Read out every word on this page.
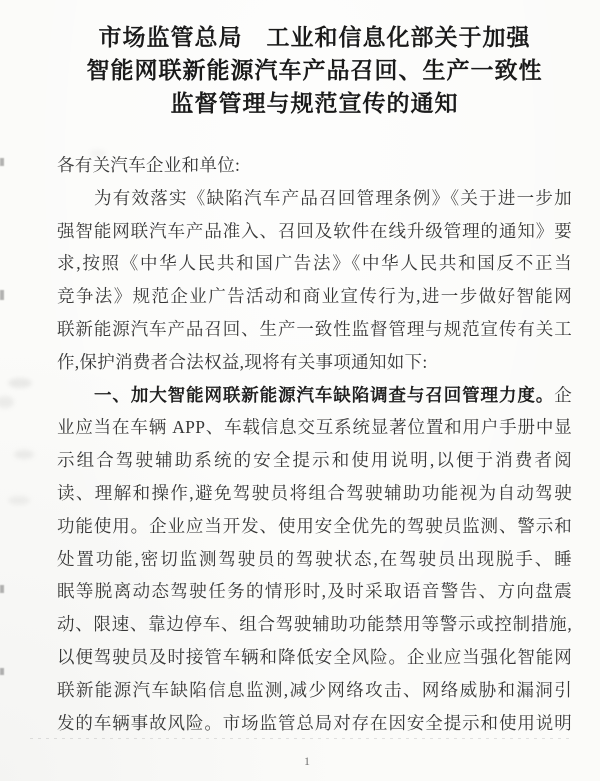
市场监管总局　工业和信息化部关于加强
智能网联新能源汽车产品召回、生产一致性
监督管理与规范宣传的通知
各有关汽车企业和单位:
为有效落实《缺陷汽车产品召回管理条例》《关于进一步加
强智能网联汽车产品准入、召回及软件在线升级管理的通知》要
求,按照《中华人民共和国广告法》《中华人民共和国反不正当
竞争法》规范企业广告活动和商业宣传行为,进一步做好智能网
联新能源汽车产品召回、生产一致性监督管理与规范宣传有关工
作,保护消费者合法权益,现将有关事项通知如下:
一、加大智能网联新能源汽车缺陷调查与召回管理力度。企
业应当在车辆 APP、车载信息交互系统显著位置和用户手册中显
示组合驾驶辅助系统的安全提示和使用说明,以便于消费者阅
读、理解和操作,避免驾驶员将组合驾驶辅助功能视为自动驾驶
功能使用。企业应当开发、使用安全优先的驾驶员监测、警示和
处置功能,密切监测驾驶员的驾驶状态,在驾驶员出现脱手、睡
眠等脱离动态驾驶任务的情形时,及时采取语音警告、方向盘震
动、限速、靠边停车、组合驾驶辅助功能禁用等警示或控制措施,
以便驾驶员及时接管车辆和降低安全风险。企业应当强化智能网
联新能源汽车缺陷信息监测,减少网络攻击、网络威胁和漏洞引
发的车辆事故风险。市场监管总局对存在因安全提示和使用说明
1
